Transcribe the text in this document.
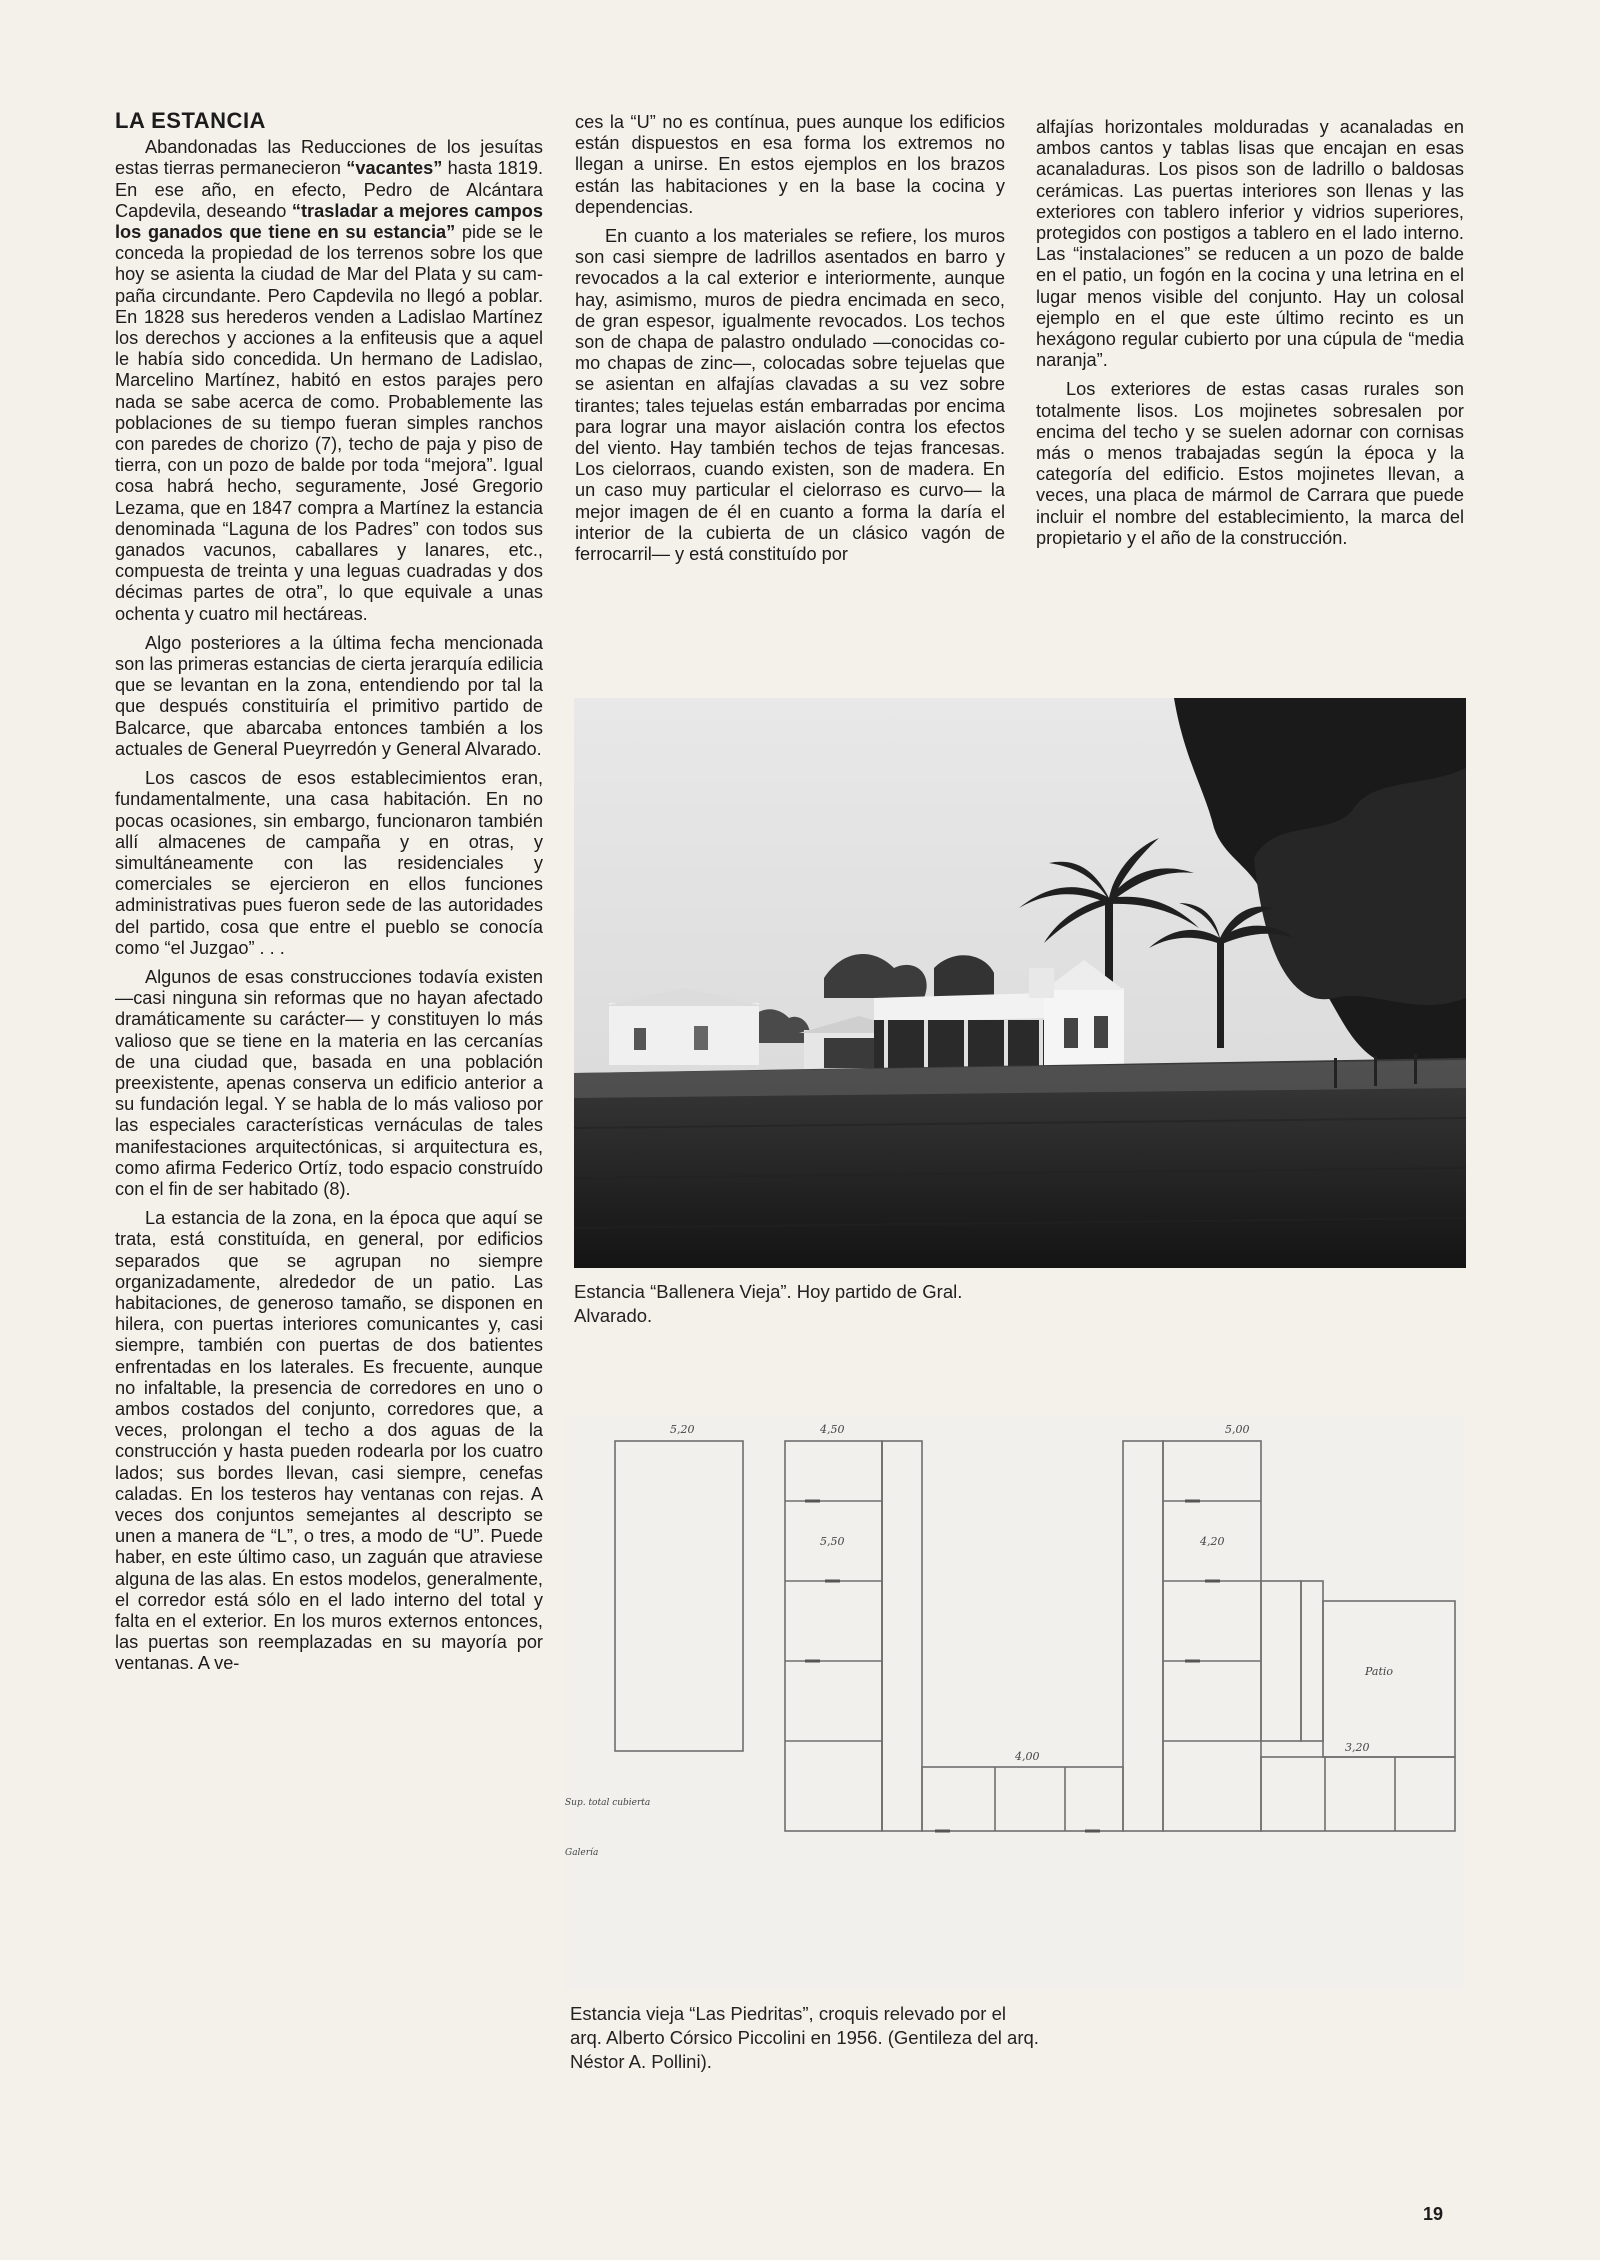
LA ESTANCIA

Abandonadas las Reducciones de los jesuítas estas tierras permanecieron “vacantes” hasta 1819. En ese año, en efecto, Pedro de Alcántara Capdevila, deseando “trasladar a mejores campos los ganados que tiene en su estancia” pide se le conceda la propiedad de los terrenos sobre los que hoy se asienta la ciudad de Mar del Plata y su campaña circundante. Pero Capdevila no llegó a poblar. En 1828 sus herederos venden a Ladislao Martínez los derechos y acciones a la enfiteusis que a aquel le había sido concedida. Un hermano de Ladislao, Marcelino Martínez, habitó en estos parajes pero nada se sabe acerca de como. Probablemente las poblaciones de su tiempo fueran simples ranchos con paredes de chorizo (7), techo de paja y piso de tierra, con un pozo de balde por toda “mejora”. Igual cosa habrá hecho, seguramente, José Gregorio Lezama, que en 1847 compra a Martínez la estancia denominada “Laguna de los Padres” con todos sus ganados vacunos, caballares y lanares, etc., compuesta de treinta y una leguas cuadradas y dos décimas partes de otra”, lo que equivale a unas ochenta y cuatro mil hectáreas.

Algo posteriores a la última fecha mencionada son las primeras estancias de cierta jerarquía edilicia que se levantan en la zona, entendiendo por tal la que después constituiría el primitivo partido de Balcarce, que abarcaba entonces también a los actuales de General Pueyrredón y General Alvarado.

Los cascos de esos establecimientos eran, fundamentalmente, una casa habitación. En no pocas ocasiones, sin embargo, funcionaron también allí almacenes de campaña y en otras, y simultáneamente con las residenciales y comerciales se ejercieron en ellos funciones administrativas pues fueron sede de las autoridades del partido, cosa que entre el pueblo se conocía como “el Juzgao” . . .

Algunos de esas construcciones todavía existen —casi ninguna sin reformas que no hayan afectado dramáticamente su carácter— y constituyen lo más valioso que se tiene en la materia en las cercanías de una ciudad que, basada en una población preexistente, apenas conserva un edificio anterior a su fundación legal. Y se habla de lo más valioso por las especiales características vernáculas de tales manifestaciones arquitectónicas, si arquitectura es, como afirma Federico Ortíz, todo espacio construído con el fin de ser habitado (8).

La estancia de la zona, en la época que aquí se trata, está constituída, en general, por edificios separados que se agrupan no siempre organizadamente, alrededor de un patio. Las habitaciones, de generoso tamaño, se disponen en hilera, con puertas interiores comunicantes y, casi siempre, también con puertas de dos batientes enfrentadas en los laterales. Es frecuente, aunque no infaltable, la presencia de corredores en uno o ambos costados del conjunto, corredores que, a veces, prolongan el techo a dos aguas de la construcción y hasta pueden rodearla por los cuatro lados; sus bordes llevan, casi siempre, cenefas caladas. En los testeros hay ventanas con rejas. A veces dos conjuntos semejantes al descripto se unen a manera de “L”, o tres, a modo de “U”. Puede haber, en este último caso, un zaguán que atraviese alguna de las alas. En estos modelos, generalmente, el corredor está sólo en el lado interno del total y falta en el exterior. En los muros externos entonces, las puertas son reemplazadas en su mayoría por ventanas. A ve-

ces la “U” no es contínua, pues aunque los edificios están dispuestos en esa forma los extremos no llegan a unirse. En estos ejemplos en los brazos están las habitaciones y en la base la cocina y dependencias.

En cuanto a los materiales se refiere, los muros son casi siempre de ladrillos asentados en barro y revocados a la cal exterior e interiormente, aunque hay, asimismo, muros de piedra encimada en seco, de gran espesor, igualmente revocados. Los techos son de chapa de palastro ondulado —conocidas como chapas de zinc—, colocadas sobre tejuelas que se asientan en alfajías clavadas a su vez sobre tirantes; tales tejuelas están embarradas por encima para lograr una mayor aislación contra los efectos del viento. Hay también techos de tejas francesas. Los cielorraos, cuando existen, son de madera. En un caso muy particular el cielorraso es curvo— la mejor imagen de él en cuanto a forma la daría el interior de la cubierta de un clásico vagón de ferrocarril— y está constituído por

alfajías horizontales molduradas y acanaladas en ambos cantos y tablas lisas que encajan en esas acanaladuras. Los pisos son de ladrillo o baldosas cerámicas. Las puertas interiores son llenas y las exteriores con tablero inferior y vidrios superiores, protegidos con postigos a tablero en el lado interno. Las “instalaciones” se reducen a un pozo de balde en el patio, un fogón en la cocina y una letrina en el lugar menos visible del conjunto. Hay un colosal ejemplo en el que este último recinto es un hexágono regular cubierto por una cúpula de “media naranja”.

Los exteriores de estas casas rurales son totalmente lisos. Los mojinetes sobresalen por encima del techo y se suelen adornar con cornisas más o menos trabajadas según la época y la categoría del edificio. Estos mojinetes llevan, a veces, una placa de mármol de Carrara que puede incluir el nombre del establecimiento, la marca del propietario y el año de la construcción.

Estancia “Ballenera Vieja”. Hoy partido de Gral. Alvarado.
5,20	4,50	5,00
5,50	4,20
4,00
3,20
Patio
Sup. total cubierta
Galería
Estancia vieja “Las Piedritas”, croquis relevado por el arq. Alberto Córsico Piccolini en 1956. (Gentileza del arq. Néstor A. Pollini).
19
